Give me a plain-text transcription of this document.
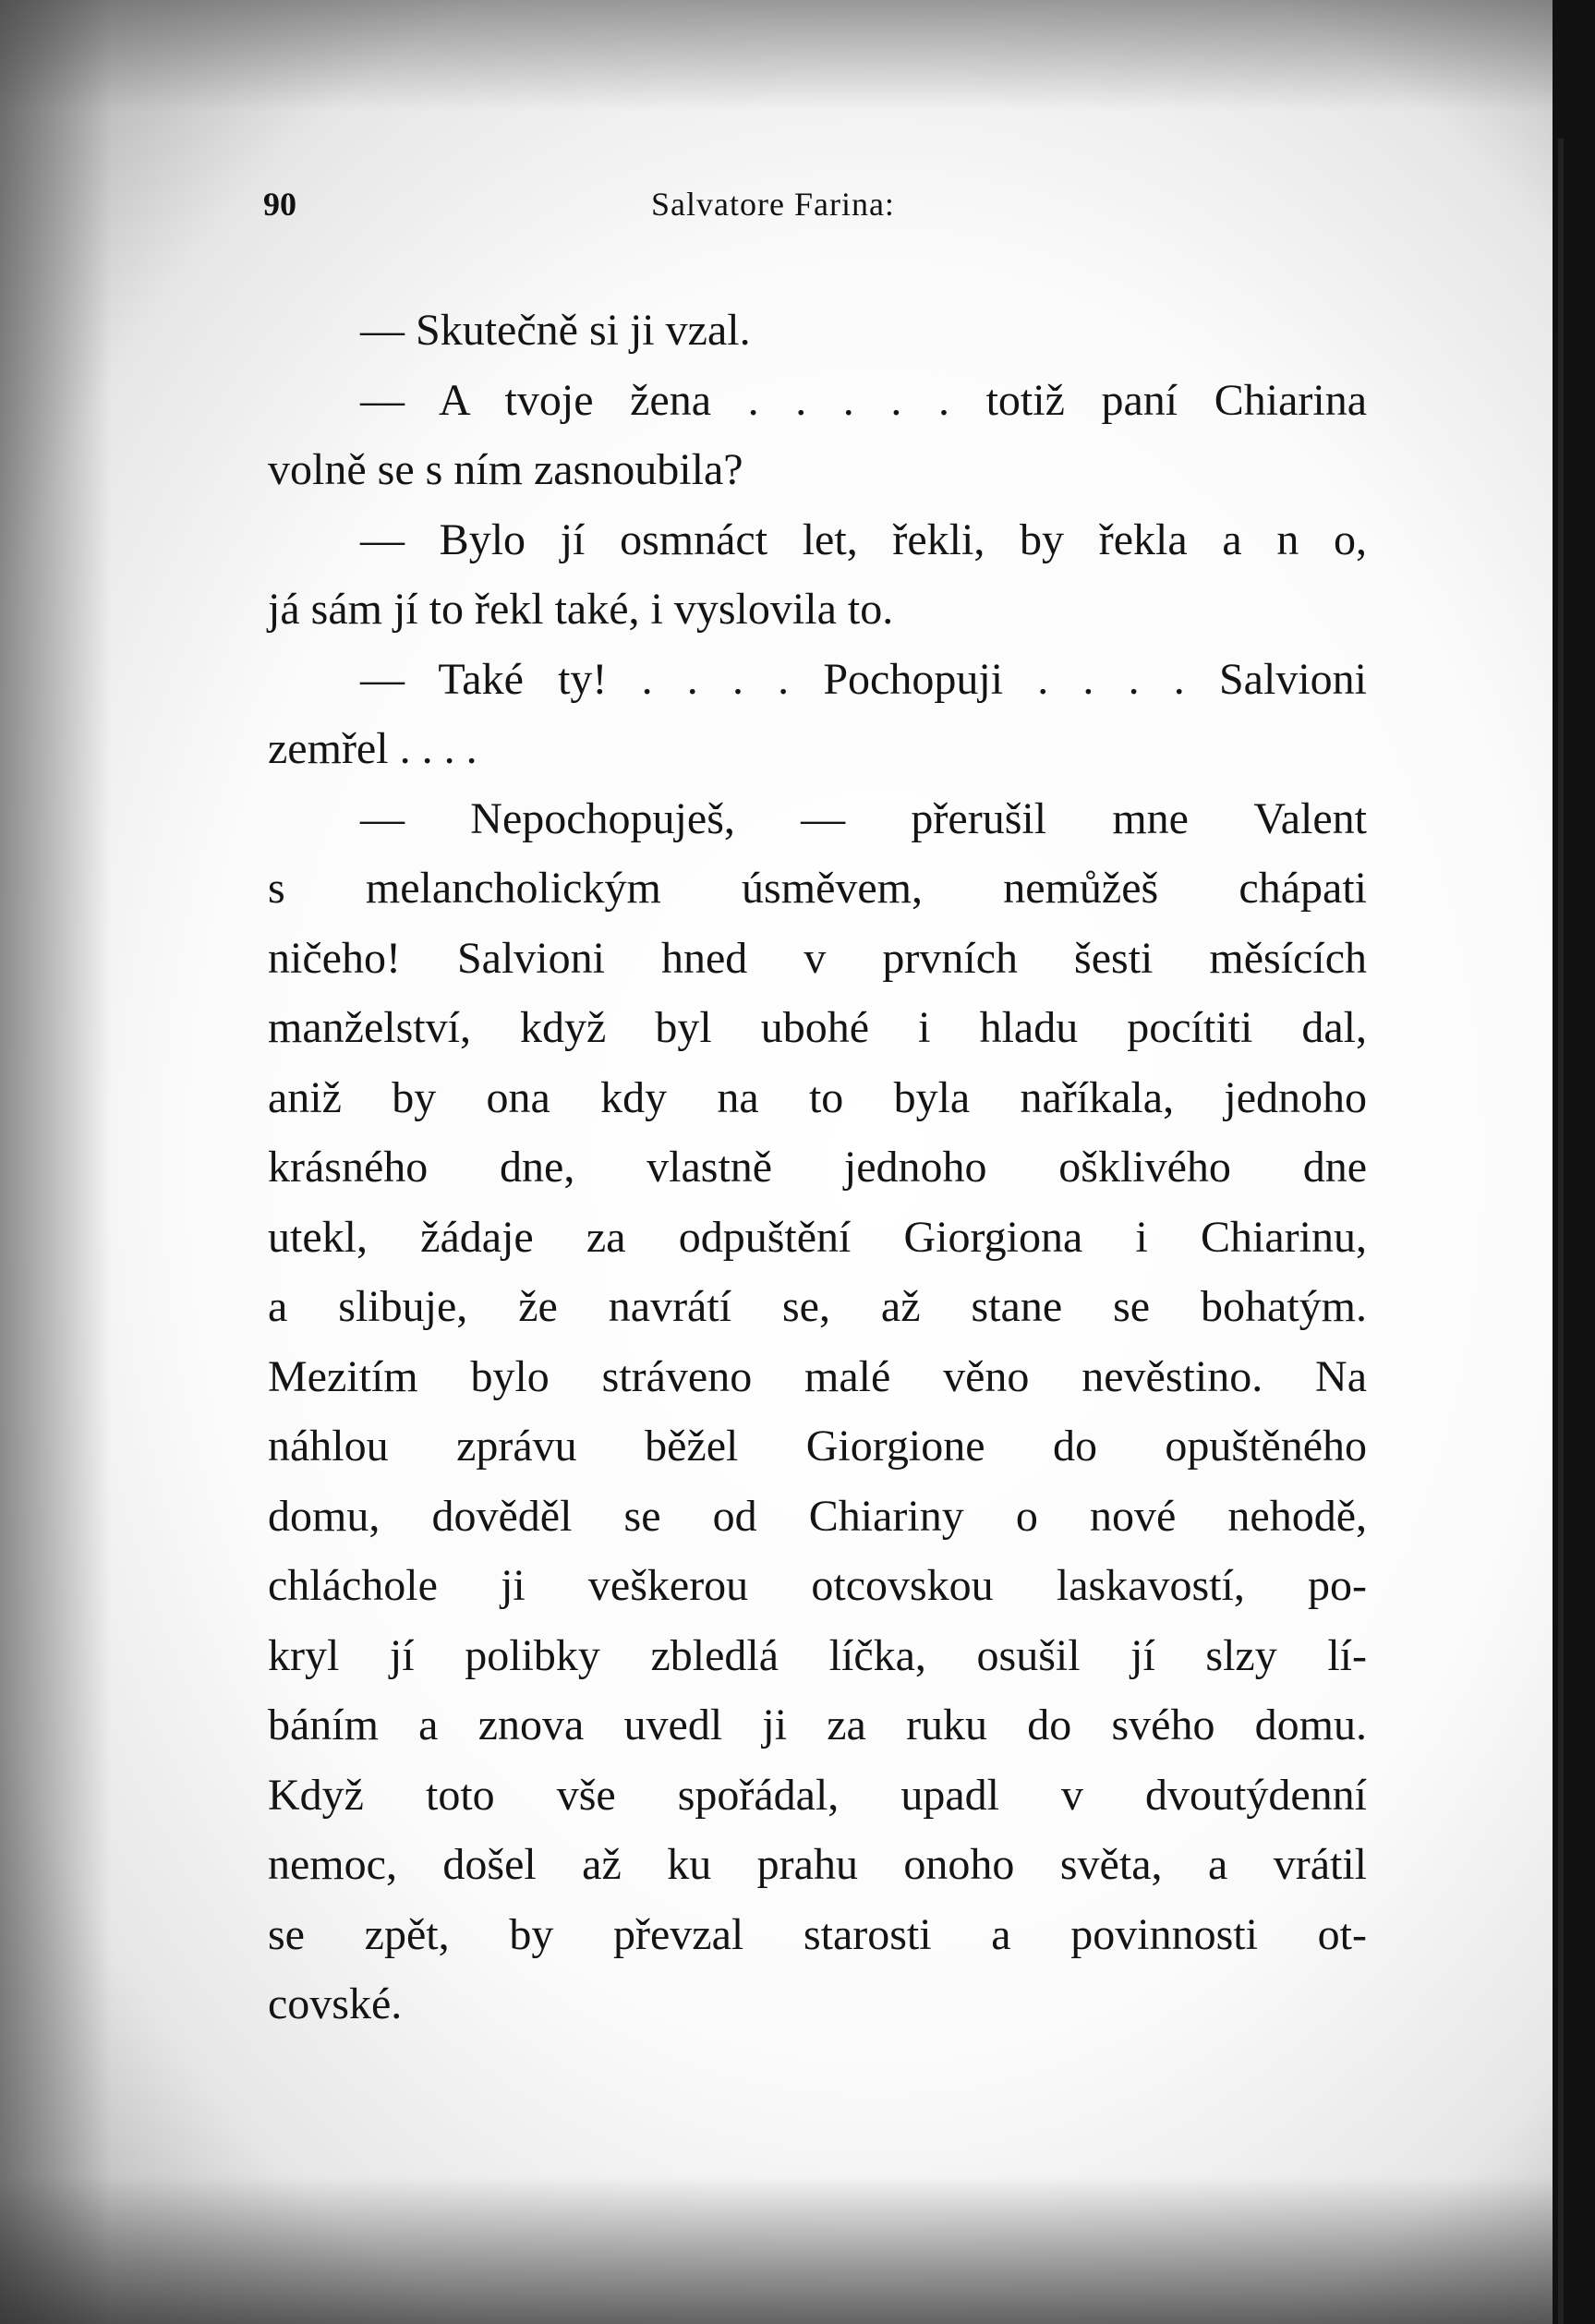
90	Salvatore Farina:
— Skutečně si ji vzal.
— A tvoje žena . . . . . totiž paní Chiarina
volně se s ním zasnoubila?
— Bylo jí osmnáct let, řekli, by řekla a n o,
já sám jí to řekl také, i vyslovila to.
— Také ty! . . . . Pochopuji . . . . Salvioni
zemřel . . . .
— Nepochopuješ, — přerušil mne Valent
s melancholickým úsměvem, nemůžeš chápati
ničeho! Salvioni hned v prvních šesti měsících
manželství, když byl ubohé i hladu pocítiti dal,
aniž by ona kdy na to byla naříkala, jednoho
krásného dne, vlastně jednoho ošklivého dne
utekl, žádaje za odpuštění Giorgiona i Chiarinu,
a slibuje, že navrátí se, až stane se bohatým.
Mezitím bylo stráveno malé věno nevěstino. Na
náhlou zprávu běžel Giorgione do opuštěného
domu, dověděl se od Chiariny o nové nehodě,
chláchole ji veškerou otcovskou laskavostí, po-
kryl jí polibky zbledlá líčka, osušil jí slzy lí-
báním a znova uvedl ji za ruku do svého domu.
Když toto vše spořádal, upadl v dvoutýdenní
nemoc, došel až ku prahu onoho světa, a vrátil
se zpět, by převzal starosti a povinnosti ot-
covské.
